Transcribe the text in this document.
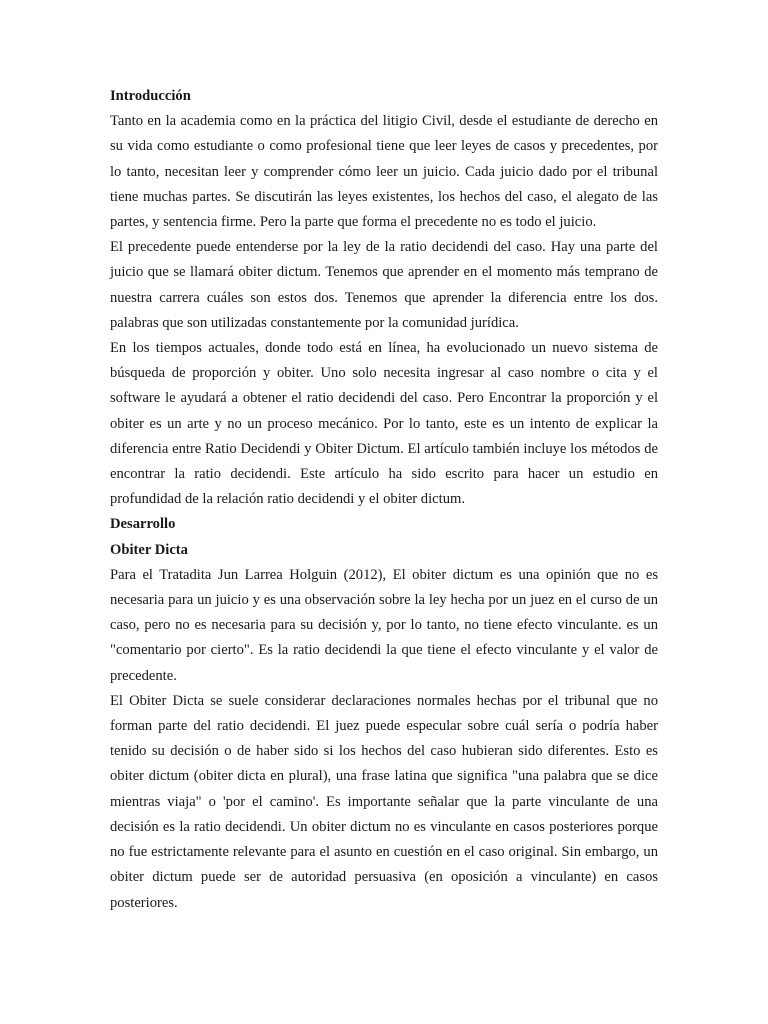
Introducción

Tanto en la academia como en la práctica del litigio Civil, desde el estudiante de derecho en su vida como estudiante o como profesional tiene que leer leyes de casos y precedentes, por lo tanto, necesitan leer y comprender cómo leer un juicio. Cada juicio dado por el tribunal tiene muchas partes. Se discutirán las leyes existentes, los hechos del caso, el alegato de las partes, y sentencia firme. Pero la parte que forma el precedente no es todo el juicio.

El precedente puede entenderse por la ley de la ratio decidendi del caso. Hay una parte del juicio que se llamará obiter dictum. Tenemos que aprender en el momento más temprano de nuestra carrera cuáles son estos dos. Tenemos que aprender la diferencia entre los dos. palabras que son utilizadas constantemente por la comunidad jurídica.

En los tiempos actuales, donde todo está en línea, ha evolucionado un nuevo sistema de búsqueda de proporción y obiter. Uno solo necesita ingresar al caso nombre o cita y el software le ayudará a obtener el ratio decidendi del caso. Pero Encontrar la proporción y el obiter es un arte y no un proceso mecánico. Por lo tanto, este es un intento de explicar la diferencia entre Ratio Decidendi y Obiter Dictum. El artículo también incluye los métodos de encontrar la ratio decidendi. Este artículo ha sido escrito para hacer un estudio en profundidad de la relación ratio decidendi y el obiter dictum.

Desarrollo

Obiter Dicta

Para el Tratadita Jun Larrea Holguin (2012), El obiter dictum es una opinión que no es necesaria para un juicio y es una observación sobre la ley hecha por un juez en el curso de un caso, pero no es necesaria para su decisión y, por lo tanto, no tiene efecto vinculante. es un "comentario por cierto". Es la ratio decidendi la que tiene el efecto vinculante y el valor de precedente.

El Obiter Dicta se suele considerar declaraciones normales hechas por el tribunal que no forman parte del ratio decidendi. El juez puede especular sobre cuál sería o podría haber tenido su decisión o de haber sido si los hechos del caso hubieran sido diferentes. Esto es obiter dictum (obiter dicta en plural), una frase latina que significa "una palabra que se dice mientras viaja" o 'por el camino'. Es importante señalar que la parte vinculante de una decisión es la ratio decidendi. Un obiter dictum no es vinculante en casos posteriores porque no fue estrictamente relevante para el asunto en cuestión en el caso original. Sin embargo, un obiter dictum puede ser de autoridad persuasiva (en oposición a vinculante) en casos posteriores.
